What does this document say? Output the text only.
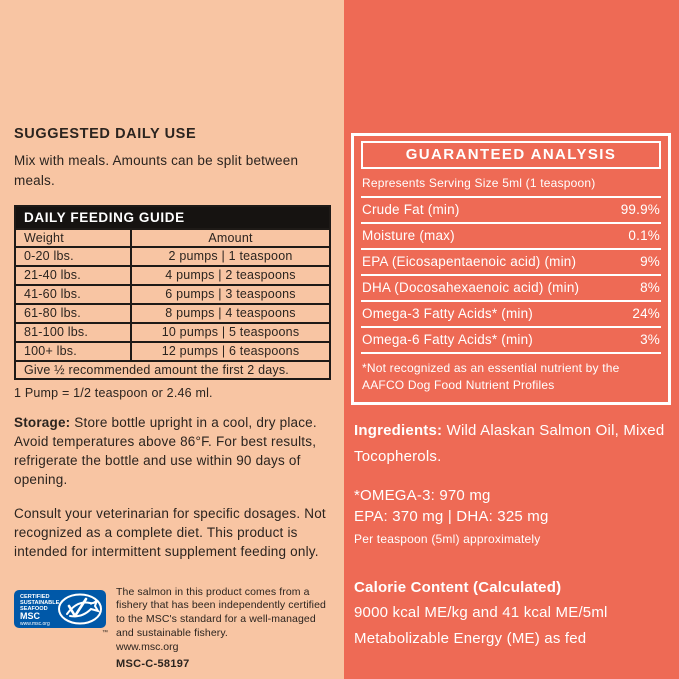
SUGGESTED DAILY USE
Mix with meals. Amounts can be split between meals.
DAILY FEEDING GUIDE	
Weight	Amount
0-20 lbs.	2 pumps | 1 teaspoon
21-40 lbs.	4 pumps | 2 teaspoons
41-60 lbs.	6 pumps | 3 teaspoons
61-80 lbs.	8 pumps | 4 teaspoons
81-100 lbs.	10 pumps | 5 teaspoons
100+ lbs.	12 pumps | 6 teaspoons
Give ½ recommended amount the first 2 days.	
1 Pump = 1/2 teaspoon or 2.46 ml.
Storage: Store bottle upright in a cool, dry place. Avoid temperatures above 86°F. For best results, refrigerate the bottle and use within 90 days of opening.
Consult your veterinarian for specific dosages. Not recognized as a complete diet. This product is intended for intermittent supplement feeding only.
CERTIFIED
SUSTAINABLE
SEAFOOD
MSC
www.msc.org
™
The salmon in this product comes from a fishery that has been independently certified to the MSC's standard for a well-managed and sustainable fishery.
www.msc.org
MSC-C-58197
GUARANTEED ANALYSIS
Represents Serving Size 5ml (1 teaspoon)
Crude Fat (min)	99.9%
Moisture (max)	0.1%
EPA (Eicosapentaenoic acid) (min)	9%
DHA (Docosahexaenoic acid) (min)	8%
Omega-3 Fatty Acids* (min)	24%
Omega-6 Fatty Acids* (min)	3%
*Not recognized as an essential nutrient by the AAFCO Dog Food Nutrient Profiles
Ingredients: Wild Alaskan Salmon Oil, Mixed Tocopherols.
*OMEGA-3: 970 mg
EPA: 370 mg | DHA: 325 mg
Per teaspoon (5ml) approximately
Calorie Content (Calculated)
9000 kcal ME/kg and 41 kcal ME/5ml
Metabolizable Energy (ME) as fed
